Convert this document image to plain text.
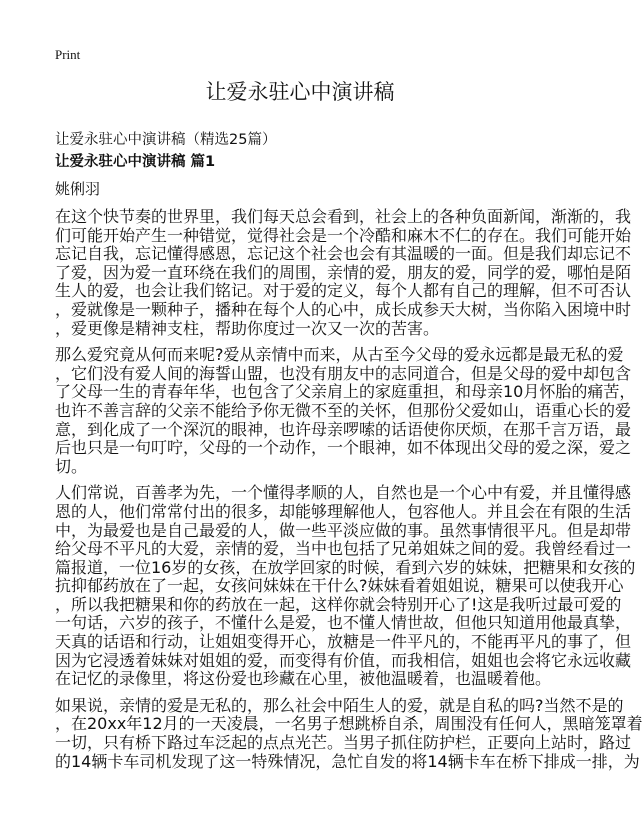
Print
让爱永驻心中演讲稿
让爱永驻心中演讲稿（精选25篇）
让爱永驻心中演讲稿 篇1
姚俐羽
在这个快节奏的世界里，我们每天总会看到，社会上的各种负面新闻，渐渐的，我
们可能开始产生一种错觉，觉得社会是一个冷酷和麻木不仁的存在。我们可能开始
忘记自我，忘记懂得感恩，忘记这个社会也会有其温暖的一面。但是我们却忘记不
了爱，因为爱一直环绕在我们的周围，亲情的爱，朋友的爱，同学的爱，哪怕是陌
生人的爱，也会让我们铭记。对于爱的定义，每个人都有自己的理解，但不可否认
，爱就像是一颗种子，播种在每个人的心中，成长成参天大树，当你陷入困境中时
，爱更像是精神支柱，帮助你度过一次又一次的苦害。
那么爱究竟从何而来呢?爱从亲情中而来，从古至今父母的爱永远都是最无私的爱
，它们没有爱人间的海誓山盟，也没有朋友中的志同道合，但是父母的爱中却包含
了父母一生的青春年华，也包含了父亲肩上的家庭重担，和母亲10月怀胎的痛苦，
也许不善言辞的父亲不能给予你无微不至的关怀，但那份父爱如山，语重心长的爱
意，到化成了一个深沉的眼神，也许母亲啰嗦的话语使你厌烦，在那千言万语，最
后也只是一句叮咛，父母的一个动作，一个眼神，如不体现出父母的爱之深，爱之
切。
人们常说，百善孝为先，一个懂得孝顺的人，自然也是一个心中有爱，并且懂得感
恩的人，他们常常付出的很多，却能够理解他人，包容他人。并且会在有限的生活
中，为最爱也是自己最爱的人，做一些平淡应做的事。虽然事情很平凡。但是却带
给父母不平凡的大爱，亲情的爱，当中也包括了兄弟姐妹之间的爱。我曾经看过一
篇报道，一位16岁的女孩，在放学回家的时候，看到六岁的妹妹，把糖果和女孩的
抗抑郁药放在了一起，女孩问妹妹在干什么?妹妹看着姐姐说，糖果可以使我开心
，所以我把糖果和你的药放在一起，这样你就会特别开心了!这是我听过最可爱的
一句话，六岁的孩子，不懂什么是爱，也不懂人情世故，但他只知道用他最真挚，
天真的话语和行动，让姐姐变得开心，放糖是一件平凡的，不能再平凡的事了，但
因为它浸透着妹妹对姐姐的爱，而变得有价值，而我相信，姐姐也会将它永远收藏
在记忆的录像里，将这份爱也珍藏在心里，被他温暖着，也温暖着他。
如果说，亲情的爱是无私的，那么社会中陌生人的爱，就是自私的吗?当然不是的
，在20xx年12月的一天凌晨，一名男子想跳桥自杀，周围没有任何人，黑暗笼罩着
一切，只有桥下路过车泛起的点点光芒。当男子抓住防护栏，正要向上站时，路过
的14辆卡车司机发现了这一特殊情况，急忙自发的将14辆卡车在桥下排成一排，为
